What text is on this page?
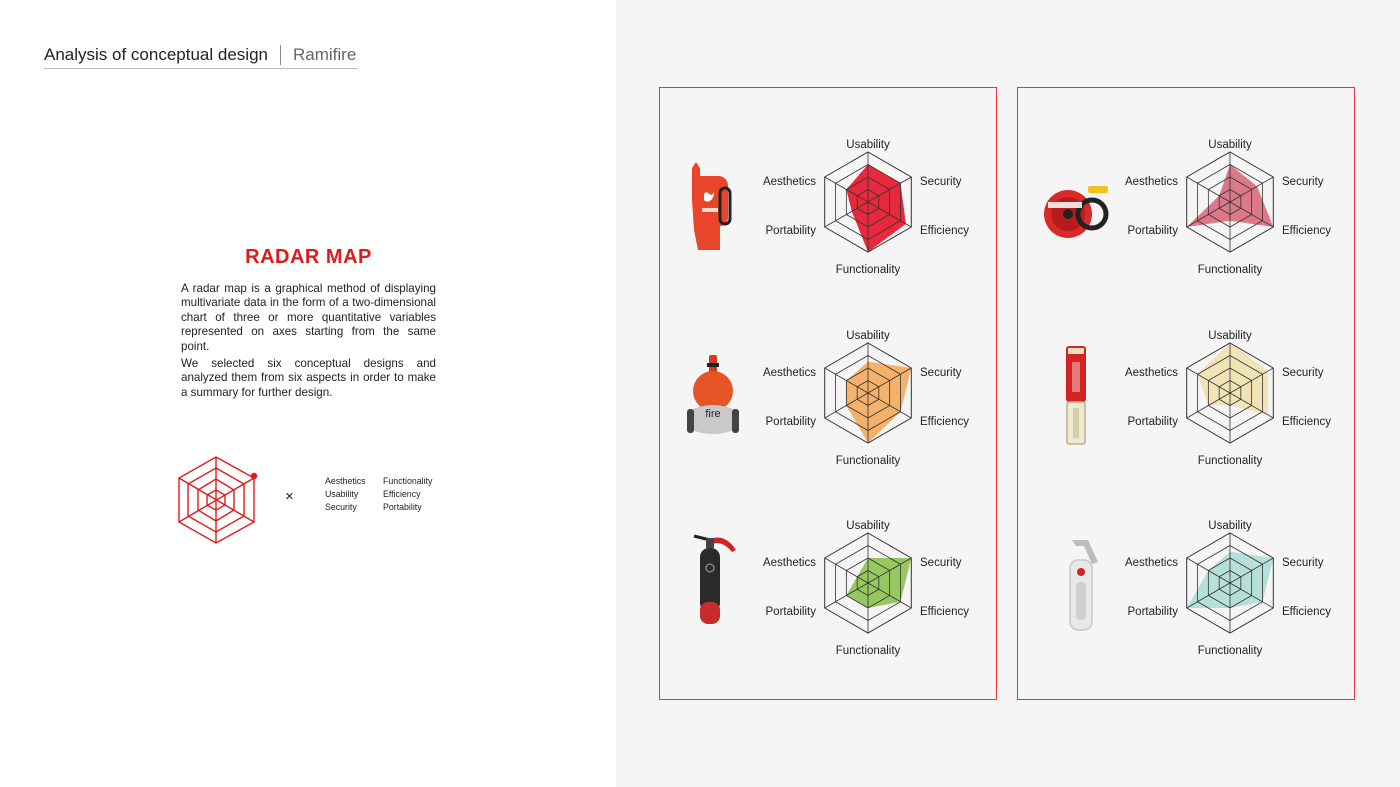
Analysis of conceptual design Ramifire
RADAR MAP

A radar map is a graphical method of displaying multivariate data in the form of a two-dimensional chart of three or more quantitative variables represented on axes starting from the same point.

We selected six conceptual designs and analyzed them from six aspects in order to make a summary for further design.

×
Aesthetics	Functionality
Usability	Efficiency
Security	Portability
fire
Usability
Security
Efficiency
Functionality
Portability
Aesthetics
Usability
Security
Efficiency
Functionality
Portability
Aesthetics
Usability
Security
Efficiency
Functionality
Portability
Aesthetics
Usability
Security
Efficiency
Functionality
Portability
Aesthetics
Usability
Security
Efficiency
Functionality
Portability
Aesthetics
Usability
Security
Efficiency
Functionality
Portability
Aesthetics
